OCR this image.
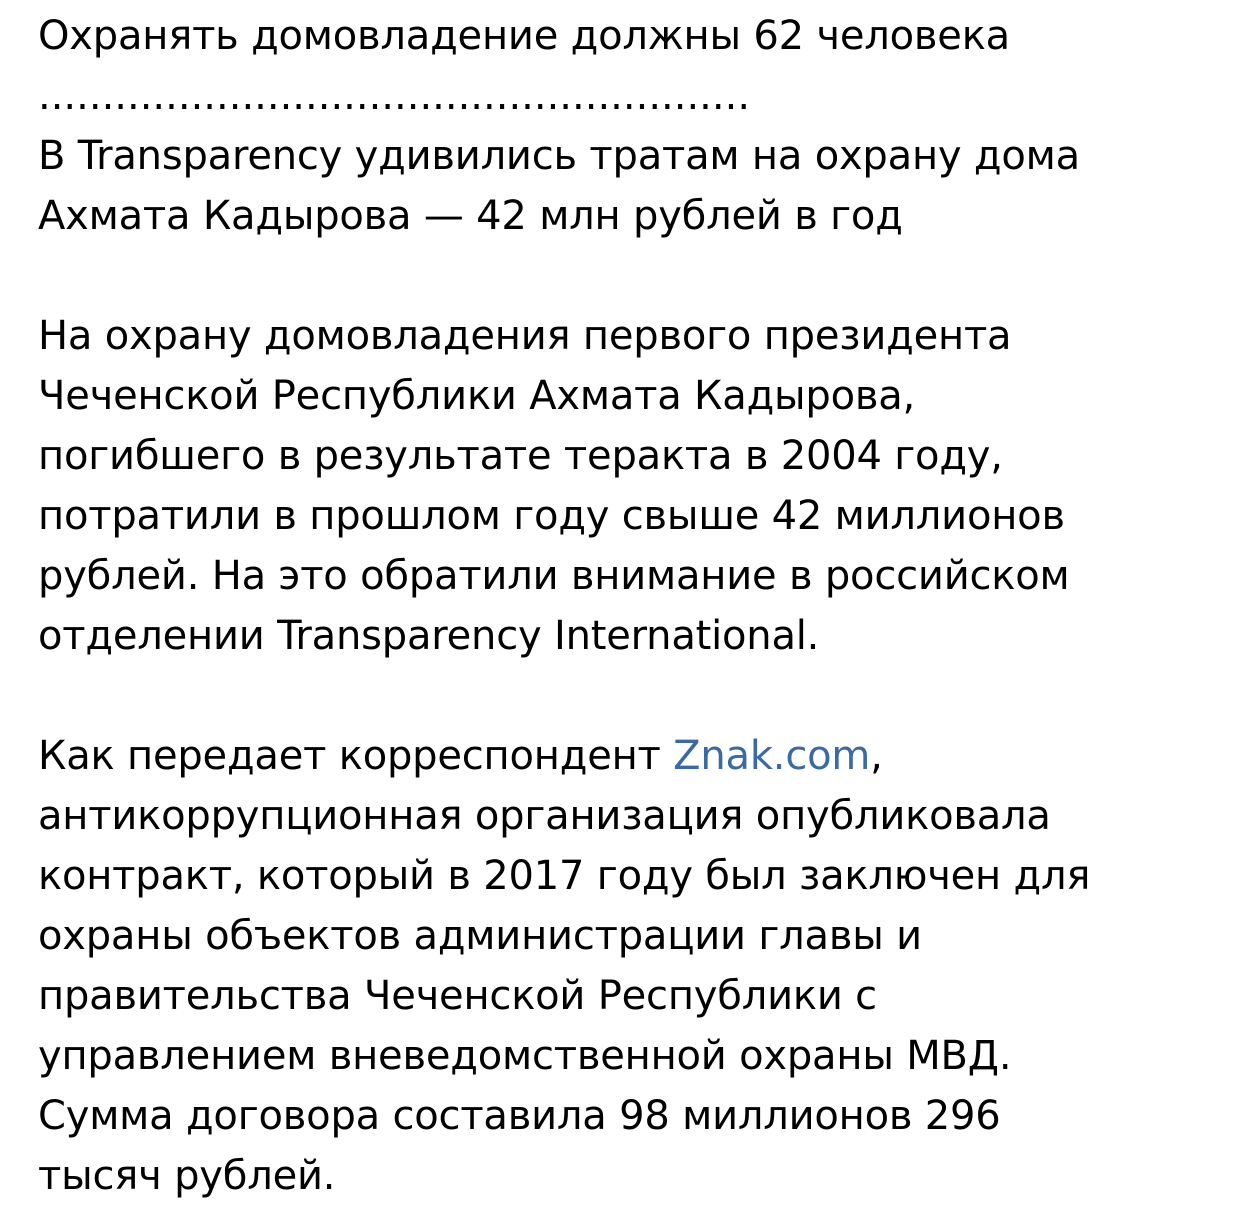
Охранять домовладение должны 62 человека
........................................................
В Transparency удивились тратам на охрану дома
Ахмата Кадырова — 42 млн рублей в год
На охрану домовладения первого президента
Чеченской Республики Ахмата Кадырова,
погибшего в результате теракта в 2004 году,
потратили в прошлом году свыше 42 миллионов
рублей. На это обратили внимание в российском
отделении Transparency International.
Как передает корреспондент Znak.com,
антикоррупционная организация опубликовала
контракт, который в 2017 году был заключен для
охраны объектов администрации главы и
правительства Чеченской Республики с
управлением вневедомственной охраны МВД.
Сумма договора составила 98 миллионов 296
тысяч рублей.
